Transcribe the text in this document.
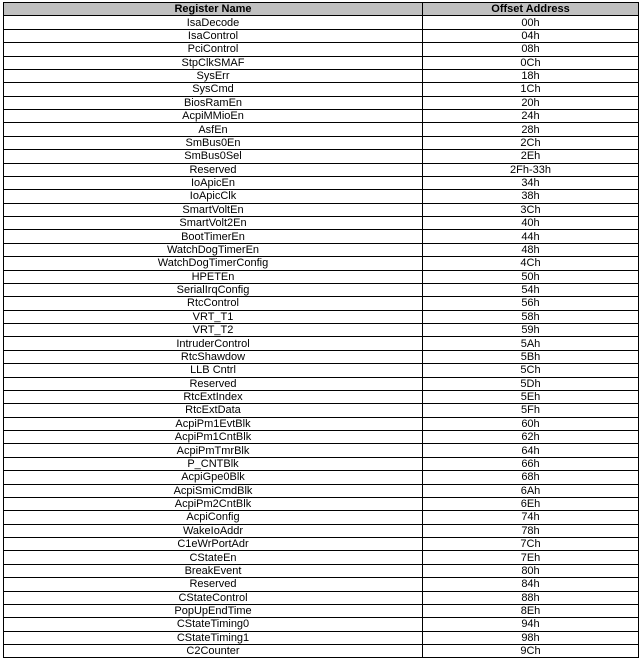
Register Name	Offset Address
IsaDecode	00h
IsaControl	04h
PciControl	08h
StpClkSMAF	0Ch
SysErr	18h
SysCmd	1Ch
BiosRamEn	20h
AcpiMMioEn	24h
AsfEn	28h
SmBus0En	2Ch
SmBus0Sel	2Eh
Reserved	2Fh-33h
IoApicEn	34h
IoApicClk	38h
SmartVoltEn	3Ch
SmartVolt2En	40h
BootTimerEn	44h
WatchDogTimerEn	48h
WatchDogTimerConfig	4Ch
HPETEn	50h
SerialIrqConfig	54h
RtcControl	56h
VRT_T1	58h
VRT_T2	59h
IntruderControl	5Ah
RtcShawdow	5Bh
LLB Cntrl	5Ch
Reserved	5Dh
RtcExtIndex	5Eh
RtcExtData	5Fh
AcpiPm1EvtBlk	60h
AcpiPm1CntBlk	62h
AcpiPmTmrBlk	64h
P_CNTBlk	66h
AcpiGpe0Blk	68h
AcpiSmiCmdBlk	6Ah
AcpiPm2CntBlk	6Eh
AcpiConfig	74h
WakeIoAddr	78h
C1eWrPortAdr	7Ch
CStateEn	7Eh
BreakEvent	80h
Reserved	84h
CStateControl	88h
PopUpEndTime	8Eh
CStateTiming0	94h
CStateTiming1	98h
C2Counter	9Ch
